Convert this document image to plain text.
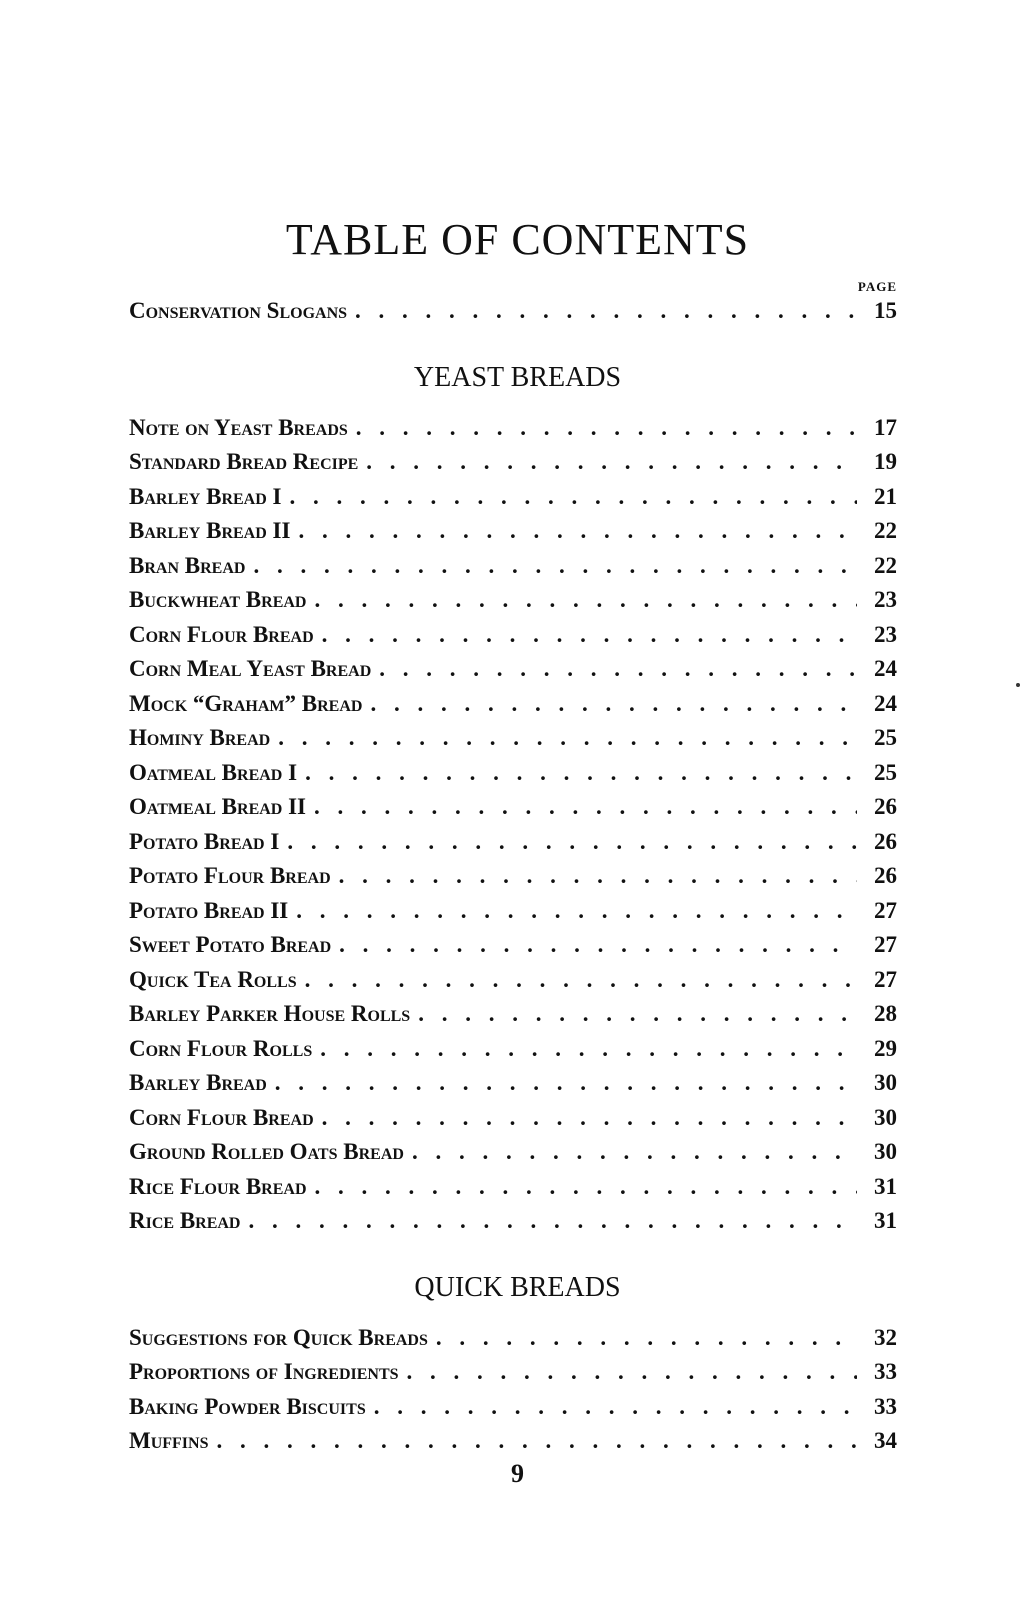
TABLE OF CONTENTS
PAGE
Conservation Slogans . . .	15
YEAST BREADS
Note on Yeast Breads . . .	17
Standard Bread Recipe . . .	19
Barley Bread I . . .	21
Barley Bread II . . .	22
Bran Bread . . .	22
Buckwheat Bread . . .	23
Corn Flour Bread . . .	23
Corn Meal Yeast Bread . . .	24
Mock “Graham” Bread . . .	24
Hominy Bread . . .	25
Oatmeal Bread I . . .	25
Oatmeal Bread II . . .	26
Potato Bread I . . .	26
Potato Flour Bread . . .	26
Potato Bread II . . .	27
Sweet Potato Bread . . .	27
Quick Tea Rolls . . .	27
Barley Parker House Rolls . . .	28
Corn Flour Rolls . . .	29
Barley Bread . . .	30
Corn Flour Bread . . .	30
Ground Rolled Oats Bread . . .	30
Rice Flour Bread . . .	31
Rice Bread . . .	31
QUICK BREADS
Suggestions for Quick Breads . . .	32
Proportions of Ingredients . . .	33
Baking Powder Biscuits . . .	33
Muffins . . .	34
9
